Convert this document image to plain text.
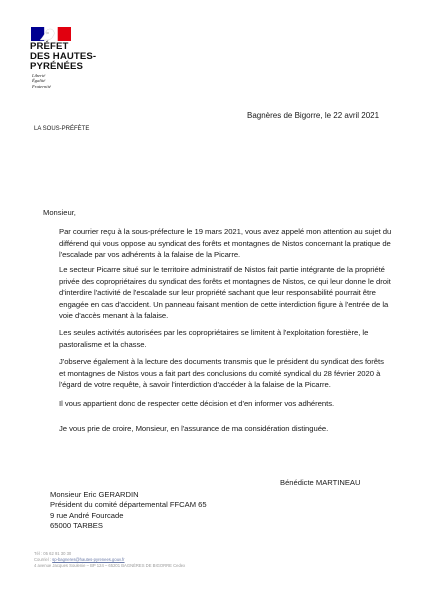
PRÉFET
DES HAUTES-
PYRÉNÉES
Liberté
Égalité
Fraternité
Bagnères de Bigorre, le 22 avril 2021
LA SOUS-PRÉFÈTE
Monsieur,
Par courrier reçu à la sous-préfecture le 19 mars 2021, vous avez appelé mon attention au sujet du différend qui vous oppose au syndicat des forêts et montagnes de Nistos concernant la pratique de l'escalade par vos adhérents à la falaise de la Picarre.
Le secteur Picarre situé sur le territoire administratif de Nistos fait partie intégrante de la propriété privée des copropriétaires du syndicat des forêts et montagnes de Nistos, ce qui leur donne le droit d'interdire l'activité de l'escalade sur leur propriété sachant que leur responsabilité pourrait être engagée en cas d'accident. Un panneau faisant mention de cette interdiction figure à l'entrée de la voie d'accès menant à la falaise.
Les seules activités autorisées par les copropriétaires se limitent à l'exploitation forestière, le pastoralisme et la chasse.
J'observe également à la lecture des documents transmis que le président du syndicat des forêts et montagnes de Nistos vous a fait part des conclusions du comité syndical du 28 février 2020 à l'égard de votre requête, à savoir l'interdiction d'accéder à la falaise de la Picarre.
Il vous appartient donc de respecter cette décision et d'en informer vos adhérents.
Je vous prie de croire, Monsieur, en l'assurance de ma considération distinguée.
Bénédicte MARTINEAU
Monsieur Eric GERARDIN
Président du comité départemental FFCAM 65
9 rue André Fourcade
65000 TARBES
Tél : 05 62 91 30 30
Courriel : sp-bagneres@hautes-pyrenees.gouv.fr
4 avenue Jacques Soulenie – BP 124 – 65201 BAGNÈRES DE BIGORRE Cedex
